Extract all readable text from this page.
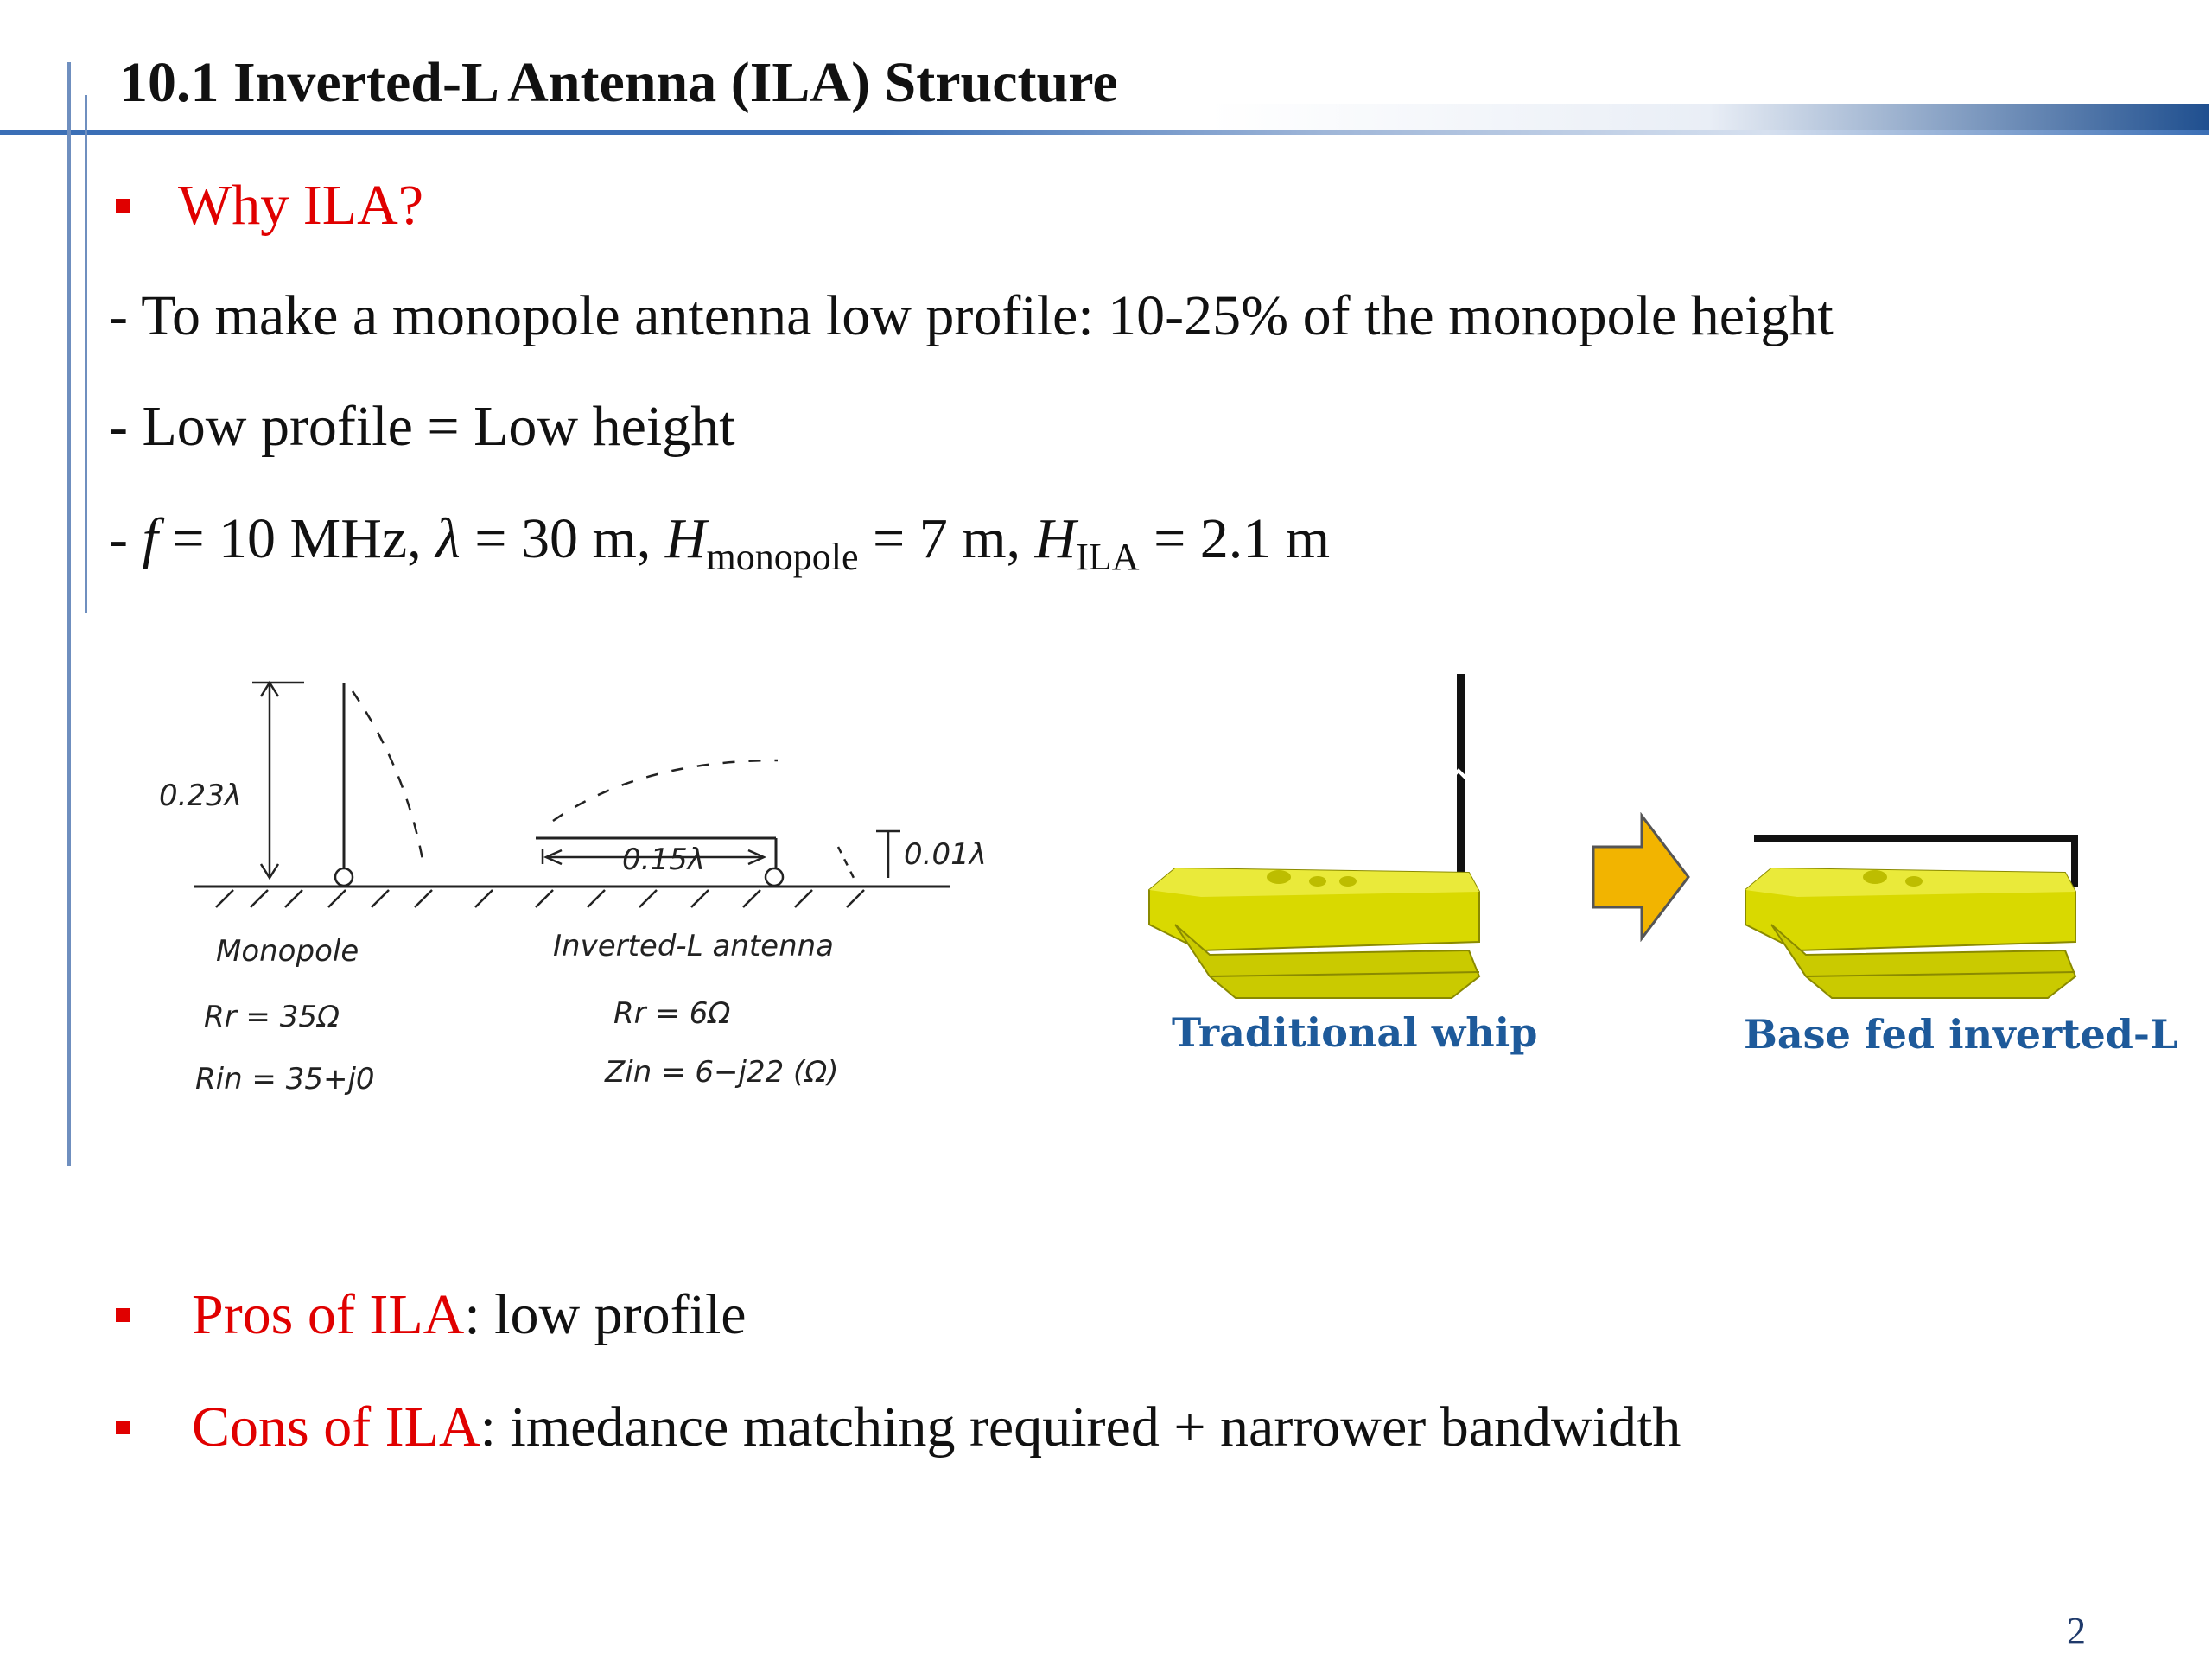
10.1 Inverted-L Antenna (ILA) Structure
Why ILA?
- To make a monopole antenna low profile: 10-25% of the monopole height
- Low profile = Low height
- f = 10 MHz, λ = 30 m, $H_{monopole} = 7$ m, $H_{ILA} = 2.1$ m
0.23λ
0.15λ	0.01λ
Monopole	Inverted-L antenna
Rr = 35Ω
Rin = 35+j0
Rr = 6Ω
Zin = 6−j22 (Ω)
Traditional whip	Base fed inverted-L
Pros of ILA: low profile
Cons of ILA: imedance matching required + narrower bandwidth
2
